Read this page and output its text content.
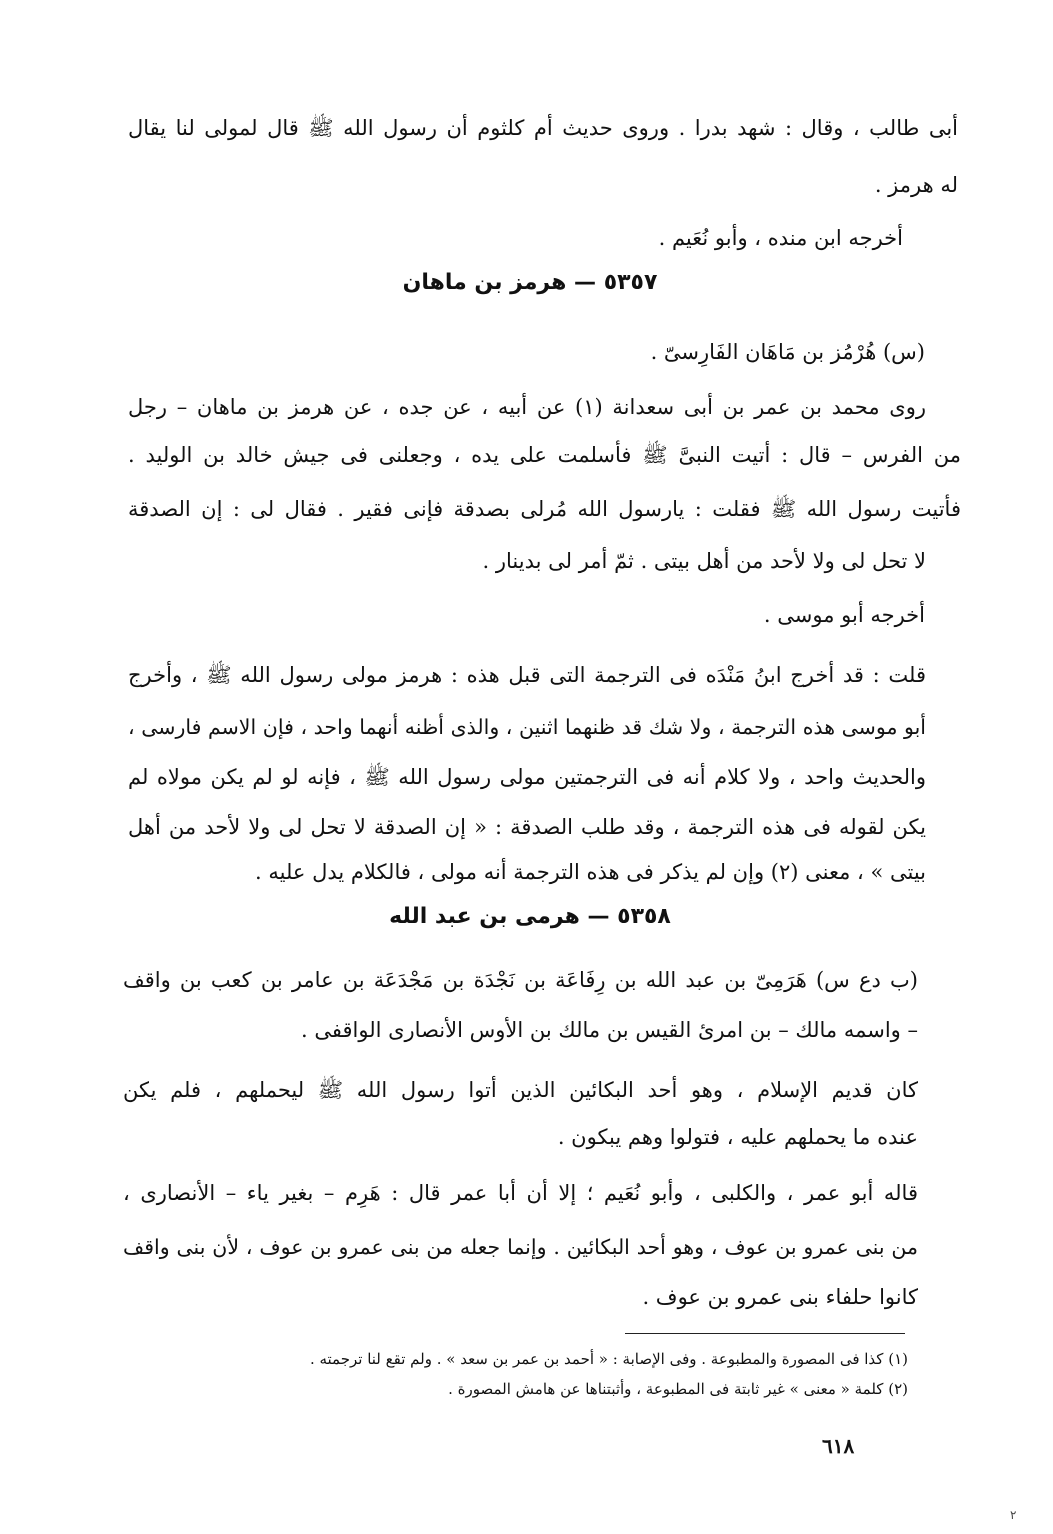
أبى طالب ، وقال : شهد بدرا . وروى حديث أم كلثوم أن رسول الله ﷺ قال لمولى لنا يقال
له هرمز .
أخرجه ابن منده ، وأبو نُعَيم .
٥٣٥٧ — هرمز بن ماهان
(س) هُرْمُز بن مَاهَان الفَارِسىّ .
روى محمد بن عمر بن أبى سعدانة (١) عن أبيه ، عن جده ، عن هرمز بن ماهان – رجل
من الفرس – قال : أتيت النبىَّ ﷺ فأسلمت على يده ، وجعلنى فى جيش خالد بن الوليد .
فأتيت رسول الله ﷺ فقلت : يارسول الله مُرلى بصدقة فإنى فقير . فقال لى : إن الصدقة
لا تحل لى ولا لأحد من أهل بيتى . ثمّ أمر لى بدينار .
أخرجه أبو موسى .
قلت : قد أخرج ابنُ مَنْدَه فى الترجمة التى قبل هذه : هرمز مولى رسول الله ﷺ ، وأخرج
أبو موسى هذه الترجمة ، ولا شك قد ظنهما اثنين ، والذى أظنه أنهما واحد ، فإن الاسم فارسى ،
والحديث واحد ، ولا كلام أنه فى الترجمتين مولى رسول الله ﷺ ، فإنه لو لم يكن مولاه لم
يكن لقوله فى هذه الترجمة ، وقد طلب الصدقة : « إن الصدقة لا تحل لى ولا لأحد من أهل
بيتى » ، معنى (٢) وإن لم يذكر فى هذه الترجمة أنه مولى ، فالكلام يدل عليه .
٥٣٥٨ — هرمى بن عبد الله
(ب دع س) هَرَمِىّ بن عبد الله بن رِفَاعَة بن نَجْدَة بن مَجْدَعَة بن عامر بن كعب بن واقف
– واسمه مالك – بن امرئ القيس بن مالك بن الأوس الأنصارى الواقفى .
كان قديم الإسلام ، وهو أحد البكائين الذين أتوا رسول الله ﷺ ليحملهم ، فلم يكن
عنده ما يحملهم عليه ، فتولوا وهم يبكون .
قاله أبو عمر ، والكلبى ، وأبو نُعَيم ؛ إلا أن أبا عمر قال : هَرِم – بغير ياء – الأنصارى ،
من بنى عمرو بن عوف ، وهو أحد البكائين . وإنما جعله من بنى عمرو بن عوف ، لأن بنى واقف
كانوا حلفاء بنى عمرو بن عوف .
(١) كذا فى المصورة والمطبوعة . وفى الإصابة : « أحمد بن عمر بن سعد » . ولم تقع لنا ترجمته .
(٢) كلمة « معنى » غير ثابتة فى المطبوعة ، وأثبتناها عن هامش المصورة .
٦١٨
٢
